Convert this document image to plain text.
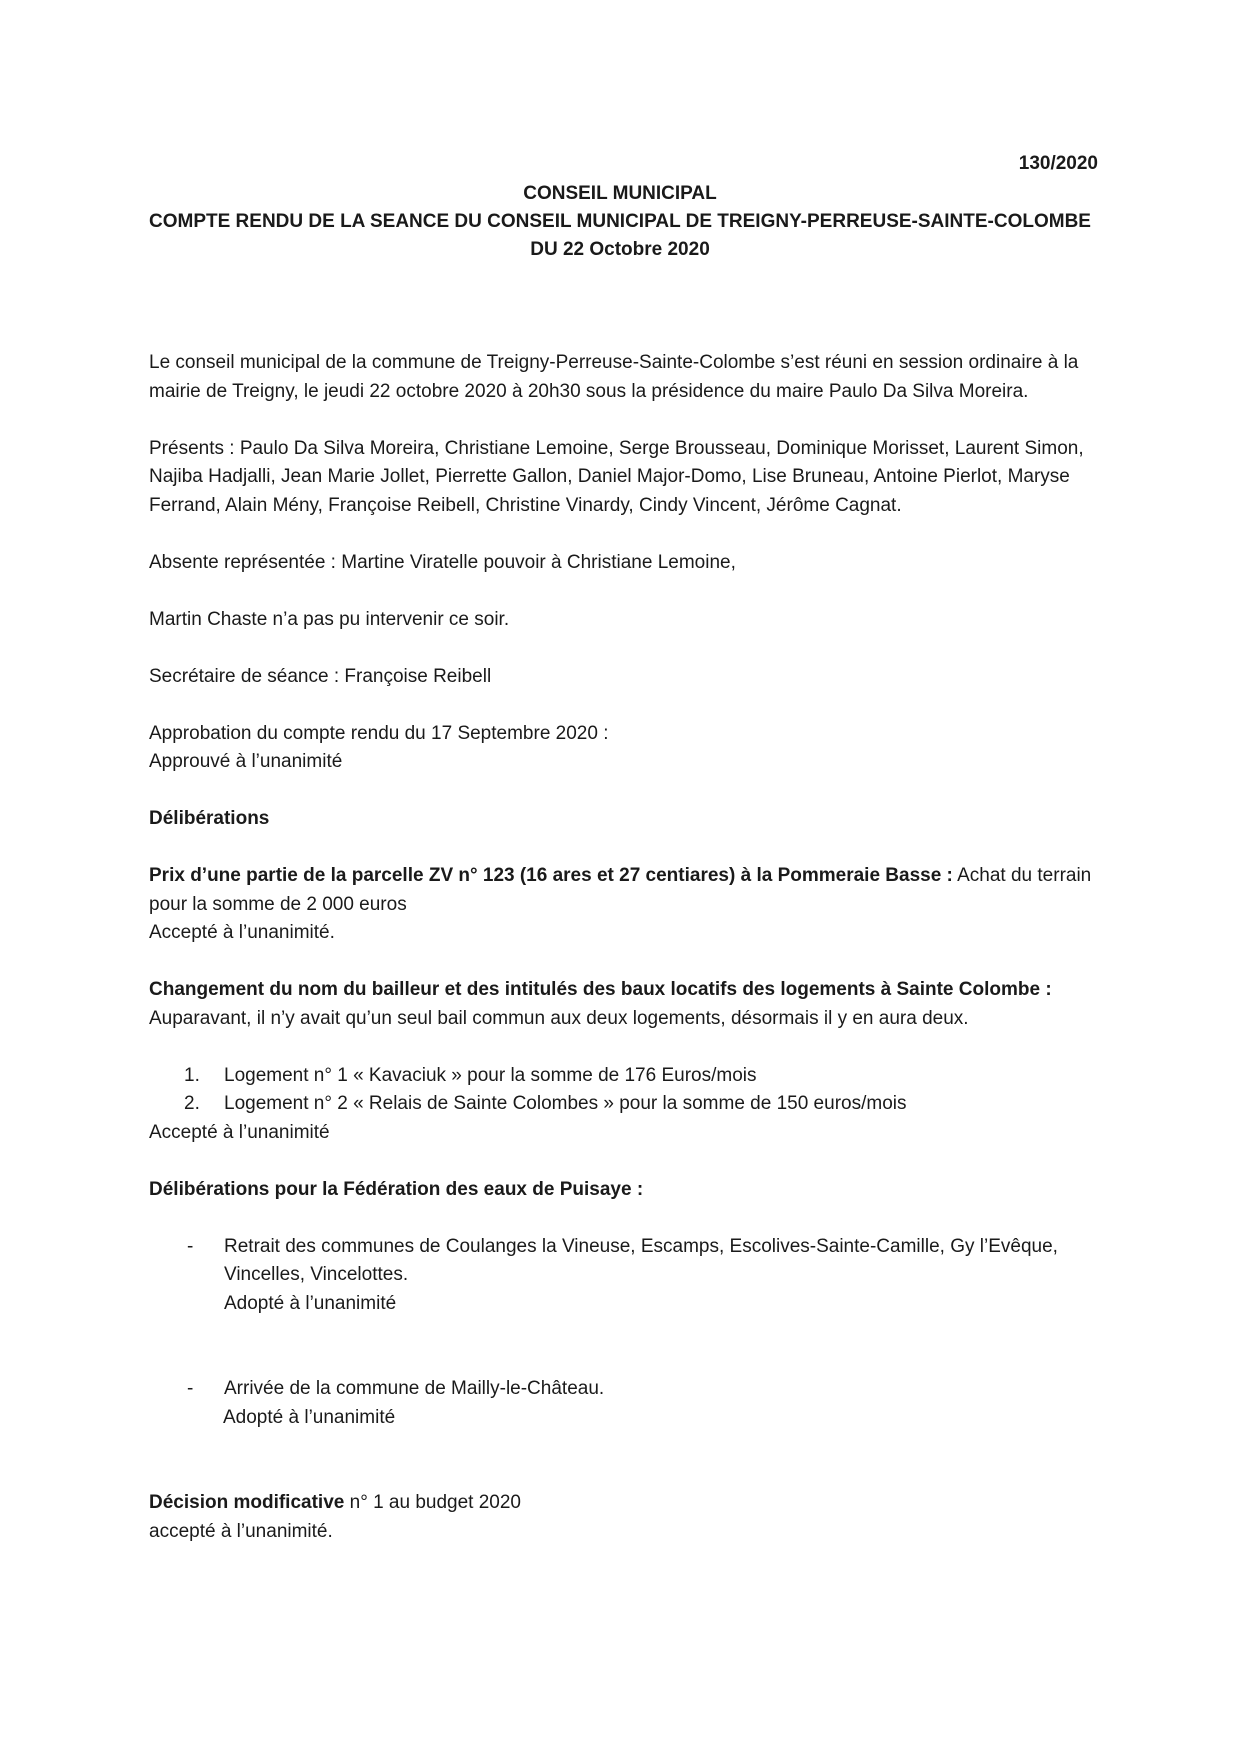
130/2020
CONSEIL MUNICIPAL
COMPTE RENDU DE LA SEANCE DU CONSEIL MUNICIPAL DE TREIGNY-PERREUSE-SAINTE-COLOMBE
DU 22 Octobre 2020

Le conseil municipal de la commune de Treigny-Perreuse-Sainte-Colombe s’est réuni en session ordinaire à la mairie de Treigny, le jeudi 22 octobre 2020 à 20h30 sous la présidence du maire Paulo Da Silva Moreira.

Présents : Paulo Da Silva Moreira, Christiane Lemoine, Serge Brousseau, Dominique Morisset, Laurent Simon, Najiba Hadjalli, Jean Marie Jollet, Pierrette Gallon, Daniel Major-Domo, Lise Bruneau, Antoine Pierlot, Maryse Ferrand, Alain Mény, Françoise Reibell, Christine Vinardy, Cindy Vincent, Jérôme Cagnat.

Absente représentée : Martine Viratelle pouvoir à Christiane Lemoine,

Martin Chaste n’a pas pu intervenir ce soir.

Secrétaire de séance : Françoise Reibell

Approbation du compte rendu du 17 Septembre 2020 :
Approuvé à l’unanimité

Délibérations

Prix d’une partie de la parcelle ZV n° 123 (16 ares et 27 centiares) à la Pommeraie Basse : Achat du terrain pour la somme de 2 000 euros
Accepté à l’unanimité.

Changement du nom du bailleur et des intitulés des baux locatifs des logements à Sainte Colombe :
Auparavant, il n’y avait qu’un seul bail commun aux deux logements, désormais il y en aura deux.
1. Logement n° 1 « Kavaciuk » pour la somme de 176 Euros/mois
2. Logement n° 2 « Relais de Sainte Colombes » pour la somme de 150 euros/mois
Accepté à l’unanimité
Délibérations pour la Fédération des eaux de Puisaye :
- Retrait des communes de Coulanges la Vineuse, Escamps, Escolives-Sainte-Camille, Gy l’Evêque, Vincelles, Vincelottes.
Adopté à l’unanimité
- Arrivée de la commune de Mailly-le-Château.
Adopté à l’unanimité
Décision modificative n° 1 au budget 2020
accepté à l’unanimité.
